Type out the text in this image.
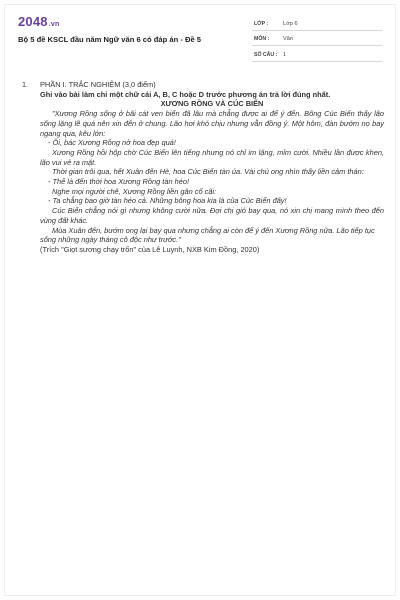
2048.vn
Bộ 5 đề KSCL đầu năm Ngữ văn 6 có đáp án - Đề 5
LỚP :	Lớp 6
MÔN : Văn
SỐ CÂU : 1
1. PHẦN I. TRẮC NGHIỆM (3,0 điểm)
Ghi vào bài làm chỉ một chữ cái A, B, C hoặc D trước phương án trả lời đúng nhất.
XƯƠNG RỒNG VÀ CÚC BIỂN
"Xương Rồng sống ở bãi cát ven biển đã lâu mà chẳng được ai để ý đến. Bông Cúc Biển thấy lão sống lặng lẽ quá nên xin đến ở chung. Lão hơi khó chịu nhưng vẫn đồng ý. Một hôm, đàn bướm nọ bay ngang qua, kêu lớn:
- Ôi, bác Xương Rồng nở hoa đẹp quá!
Xương Rồng hồi hộp chờ Cúc Biển lên tiếng nhưng nó chỉ im lặng, mỉm cười. Nhiều lần được khen, lão vui vẻ ra mặt.
Thời gian trôi qua, hết Xuân đến Hè, hoa Cúc Biển tàn úa. Vài chú ong nhìn thấy liền cảm thán:
- Thế là đến thời hoa Xương Rồng tàn héo!
Nghe mọi người chê, Xương Rồng liền gân cổ cãi:
- Ta chẳng bao giờ tàn héo cả. Những bông hoa kia là của Cúc Biển đấy!
Cúc Biển chẳng nói gì nhưng không cười nữa. Đợi chị gió bay qua, nó xin chị mang mình theo đến vùng đất khác.
Mùa Xuân đến, bướm ong lại bay qua nhưng chẳng ai còn để ý đến Xương Rồng nữa. Lão tiếp tục sống những ngày tháng cô độc như trước."
(Trích "Giọt sương chạy trốn" của Lê Luynh, NXB Kim Đồng, 2020)
